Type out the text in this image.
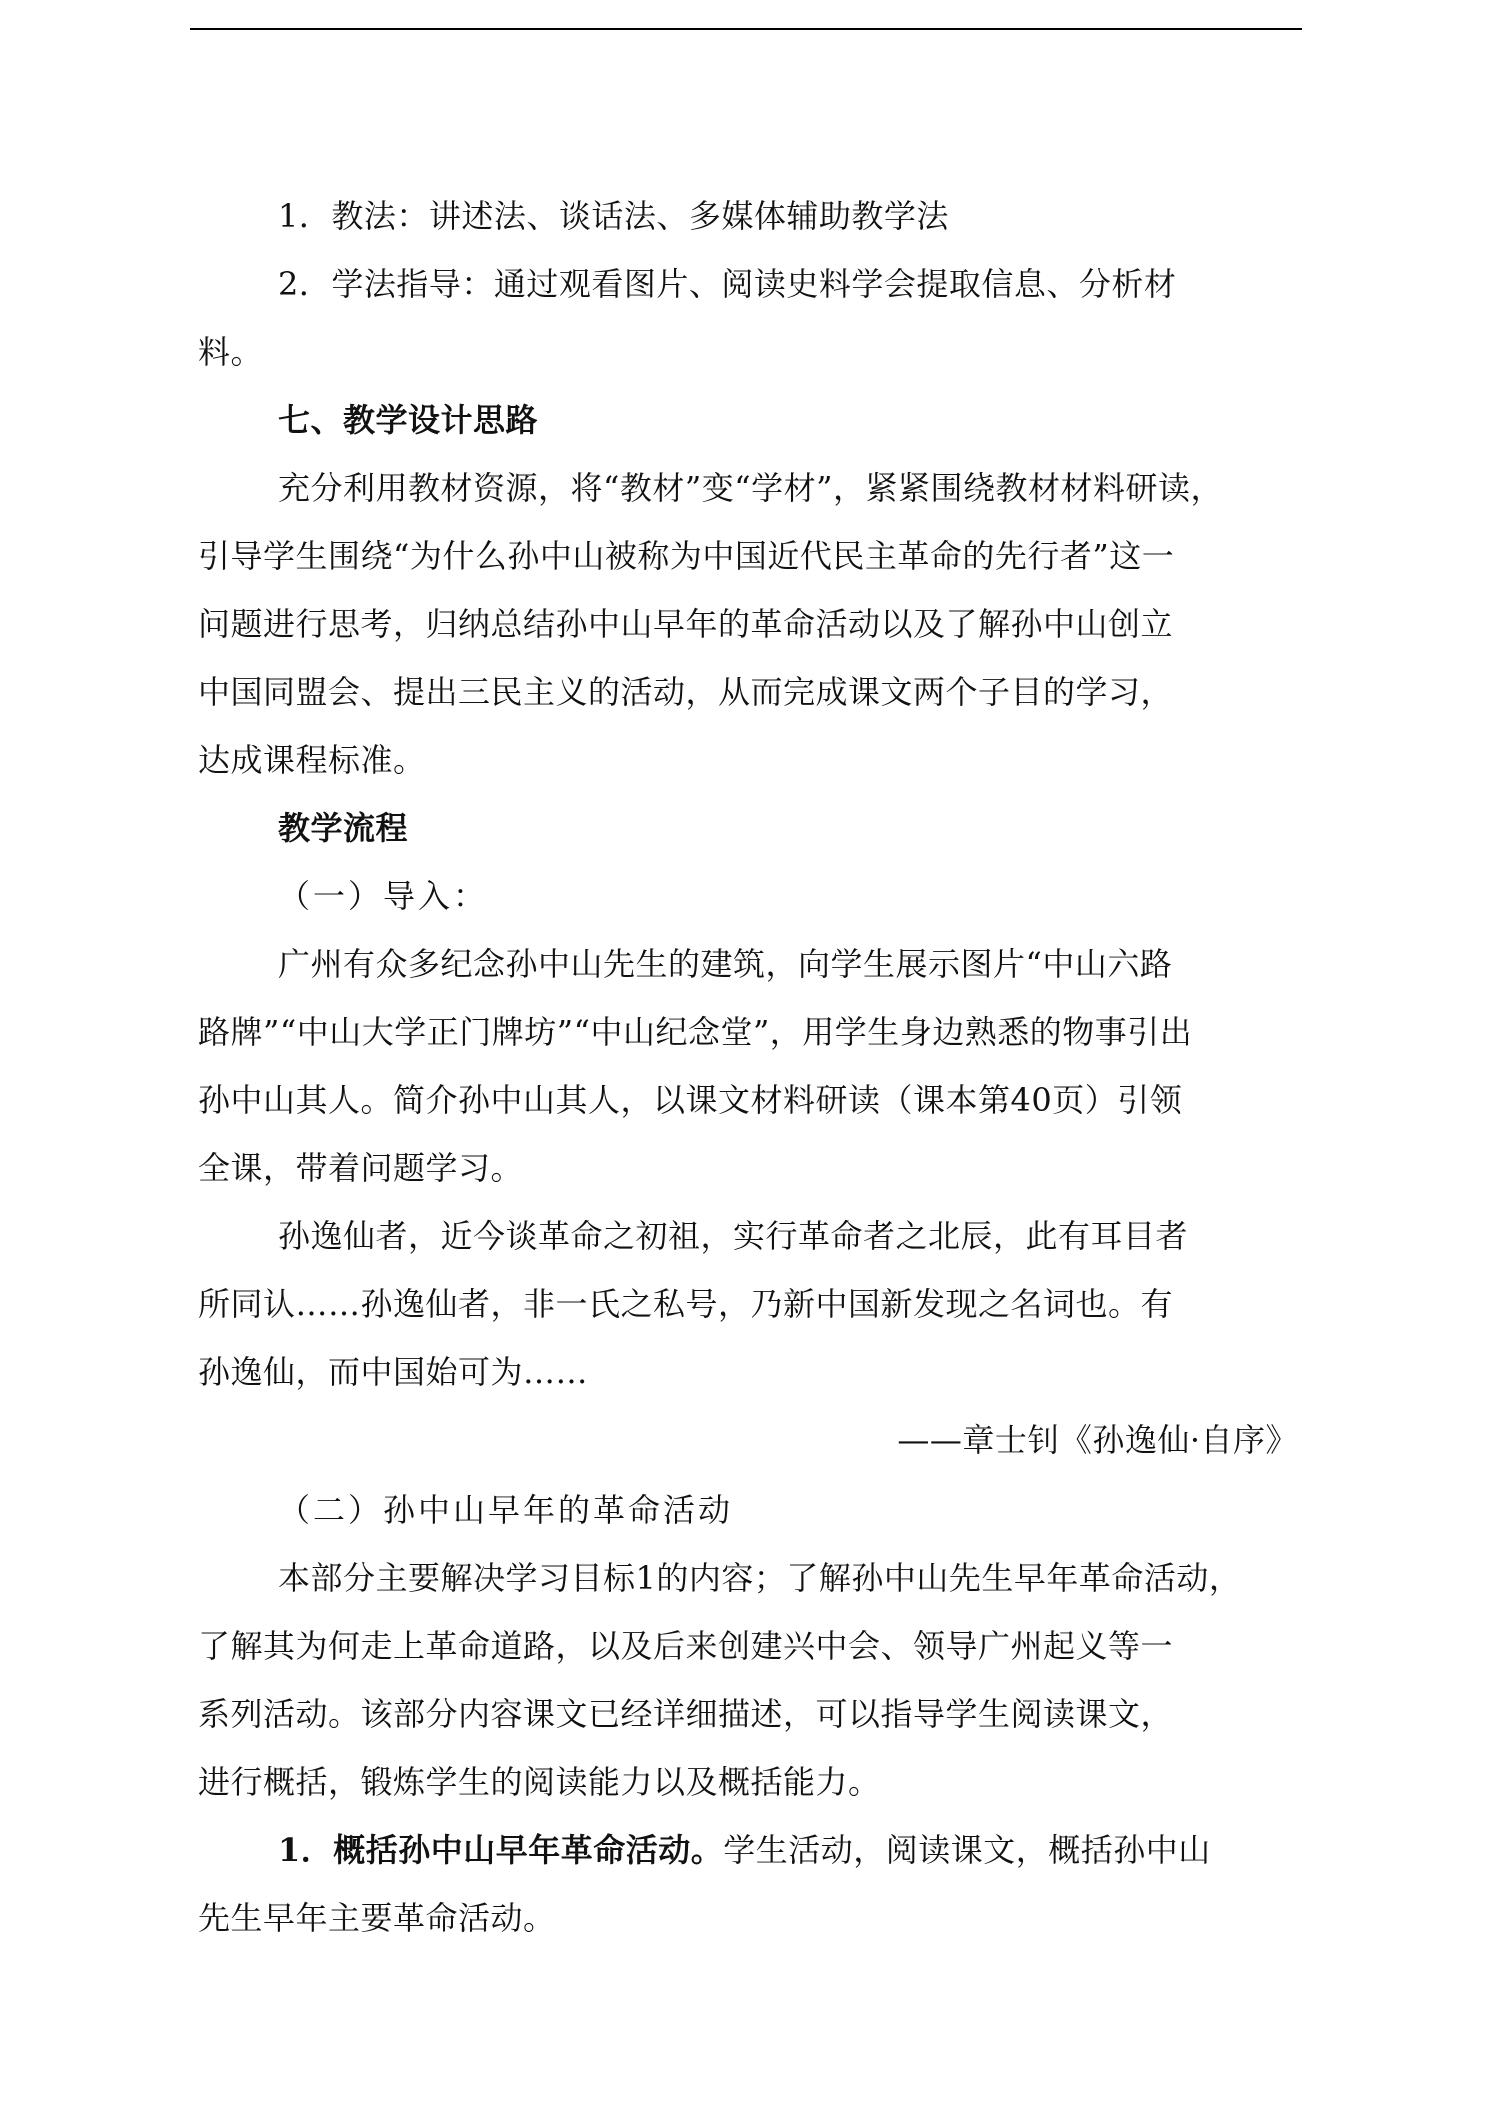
1．教法：讲述法、谈话法、多媒体辅助教学法
2．学法指导：通过观看图片、阅读史料学会提取信息、分析材
料。
七、教学设计思路
充分利用教材资源，将“教材”变“学材”，紧紧围绕教材材料研读，
引导学生围绕“为什么孙中山被称为中国近代民主革命的先行者”这一
问题进行思考，归纳总结孙中山早年的革命活动以及了解孙中山创立
中国同盟会、提出三民主义的活动，从而完成课文两个子目的学习，
达成课程标准。
教学流程
（一）导入：
广州有众多纪念孙中山先生的建筑，向学生展示图片“中山六路
路牌”“中山大学正门牌坊”“中山纪念堂”，用学生身边熟悉的物事引出
孙中山其人。简介孙中山其人，以课文材料研读（课本第40页）引领
全课，带着问题学习。
孙逸仙者，近今谈革命之初祖，实行革命者之北辰，此有耳目者
所同认……孙逸仙者，非一氏之私号，乃新中国新发现之名词也。有
孙逸仙，而中国始可为……
——章士钊《孙逸仙·自序》
（二）孙中山早年的革命活动
本部分主要解决学习目标1的内容；了解孙中山先生早年革命活动，
了解其为何走上革命道路，以及后来创建兴中会、领导广州起义等一
系列活动。该部分内容课文已经详细描述，可以指导学生阅读课文，
进行概括，锻炼学生的阅读能力以及概括能力。
1．概括孙中山早年革命活动。学生活动，阅读课文，概括孙中山
先生早年主要革命活动。
